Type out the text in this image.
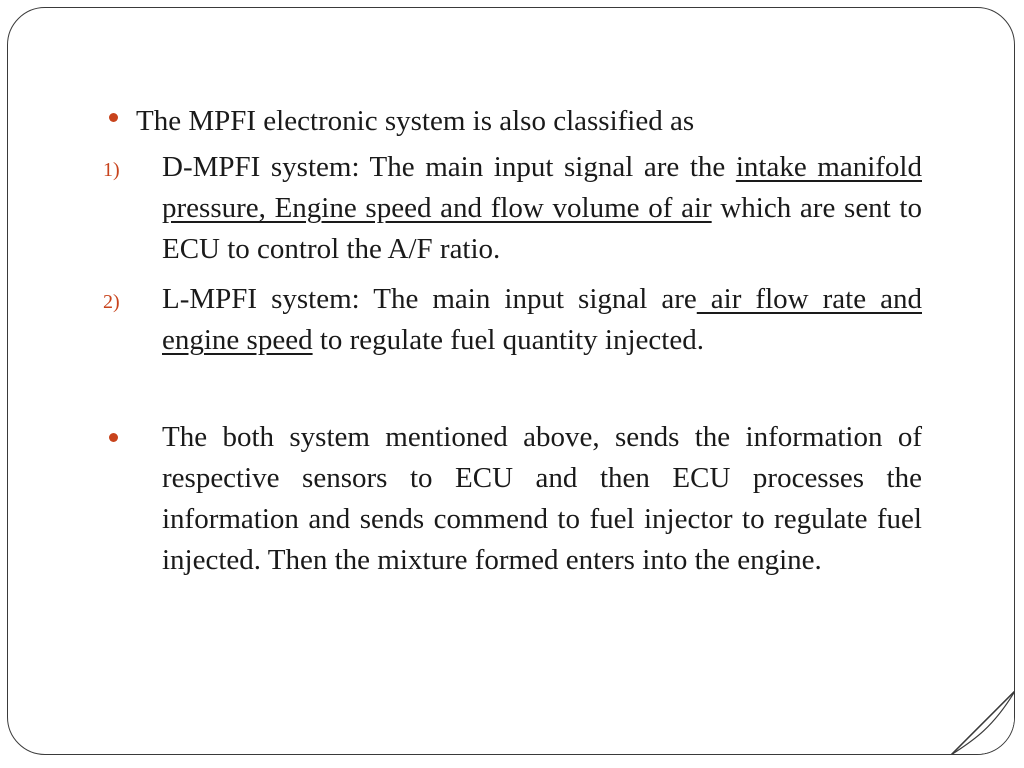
The MPFI electronic system is also classified as
1) D-MPFI system: The main input signal are the intake manifold pressure, Engine speed and flow volume of air which are sent to ECU to control the A/F ratio.
2) L-MPFI system: The main input signal are air flow rate and engine speed to regulate fuel quantity injected.
The both system mentioned above, sends the information of respective sensors to ECU and then ECU processes the information and sends commend to fuel injector to regulate fuel injected. Then the mixture formed enters into the engine.
